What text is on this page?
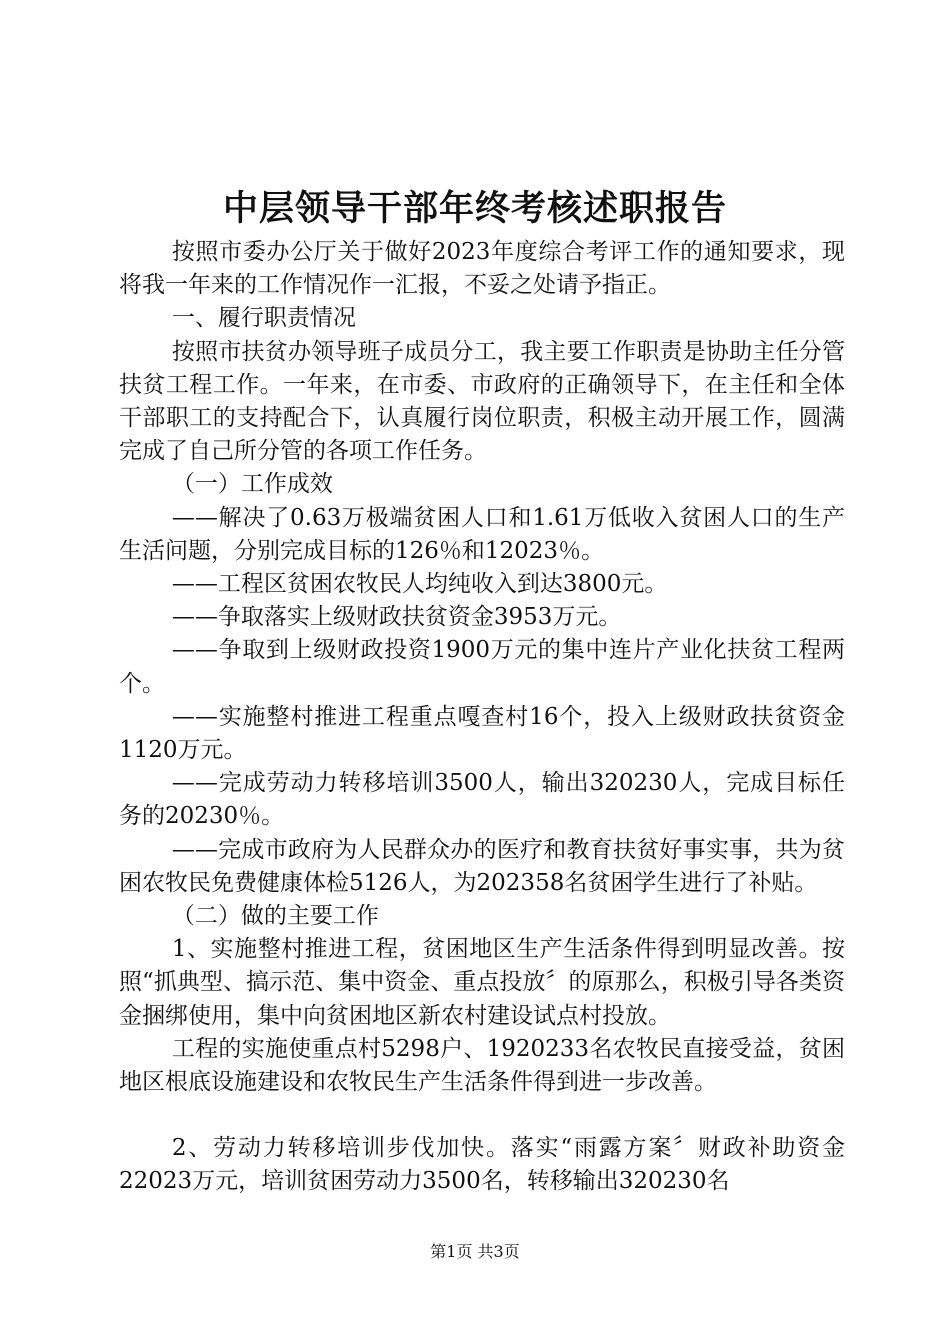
中层领导干部年终考核述职报告

按照市委办公厅关于做好2023年度综合考评工作的通知要求，现将我一年来的工作情况作一汇报，不妥之处请予指正。

一、履行职责情况

按照市扶贫办领导班子成员分工，我主要工作职责是协助主任分管扶贫工程工作。一年来，在市委、市政府的正确领导下，在主任和全体干部职工的支持配合下，认真履行岗位职责，积极主动开展工作，圆满完成了自己所分管的各项工作任务。

（一）工作成效

——解决了0.63万极端贫困人口和1.61万低收入贫困人口的生产生活问题，分别完成目标的126％和12023％。

——工程区贫困农牧民人均纯收入到达3800元。

——争取落实上级财政扶贫资金3953万元。

——争取到上级财政投资1900万元的集中连片产业化扶贫工程两个。

——实施整村推进工程重点嘎查村16个，投入上级财政扶贫资金1120万元。

——完成劳动力转移培训3500人，输出320230人，完成目标任务的20230％。

——完成市政府为人民群众办的医疗和教育扶贫好事实事，共为贫困农牧民免费健康体检5126人，为202358名贫困学生进行了补贴。

（二）做的主要工作

1、实施整村推进工程，贫困地区生产生活条件得到明显改善。按照“抓典型、搞示范、集中资金、重点投放〞的原那么，积极引导各类资金捆绑使用，集中向贫困地区新农村建设试点村投放。

工程的实施使重点村5298户、1920233名农牧民直接受益，贫困地区根底设施建设和农牧民生产生活条件得到进一步改善。

2、劳动力转移培训步伐加快。落实“雨露方案〞财政补助资金22023万元，培训贫困劳动力3500名，转移输出320230名

第1页 共3页
